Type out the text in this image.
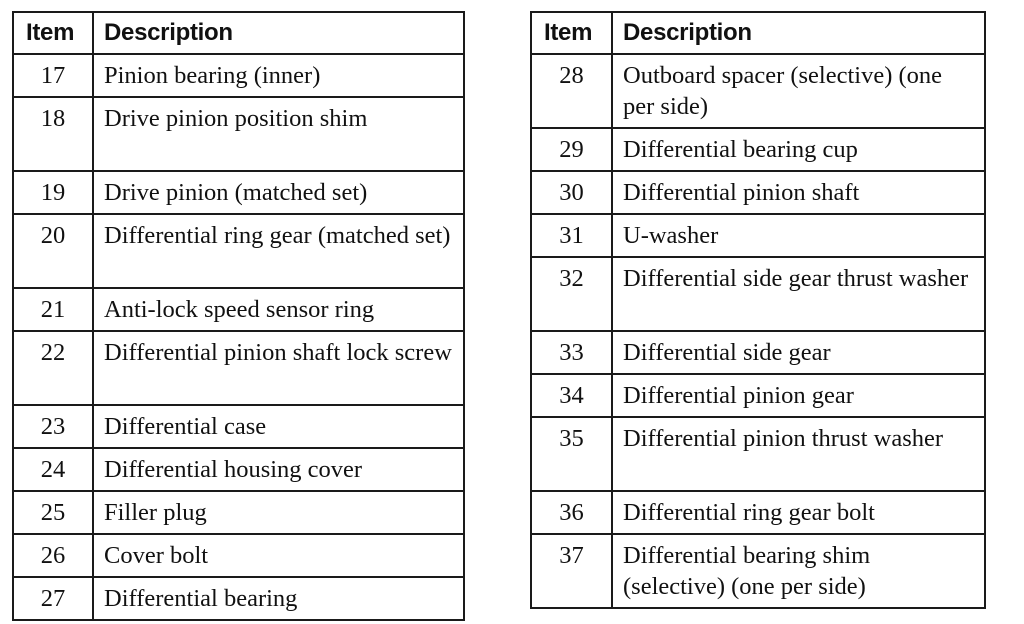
Item	Description
17	Pinion bearing (inner)
18	Drive pinion position shim
19	Drive pinion (matched set)
20	Differential ring gear (matched set)
21	Anti-lock speed sensor ring
22	Differential pinion shaft lock screw
23	Differential case
24	Differential housing cover
25	Filler plug
26	Cover bolt
27	Differential bearing
Item	Description
28	Outboard spacer (selective) (one per side)
29	Differential bearing cup
30	Differential pinion shaft
31	U-washer
32	Differential side gear thrust washer
33	Differential side gear
34	Differential pinion gear
35	Differential pinion thrust washer
36	Differential ring gear bolt
37	Differential bearing shim (selective) (one per side)
